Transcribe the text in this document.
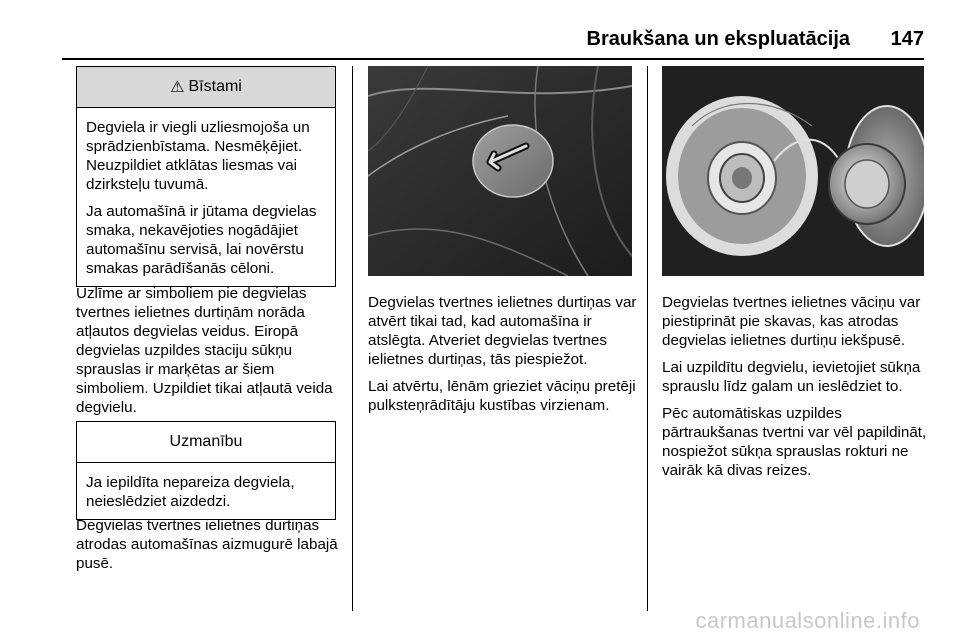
Braukšana un ekspluatācija 147
⚠ Bīstami

Degviela ir viegli uzliesmojoša un sprādzienbīstama. Nesmēķējiet. Neuzpildiet atklātas liesmas vai dzirksteļu tuvumā.

Ja automašīnā ir jūtama degvielas smaka, nekavējoties nogādājiet automašīnu servisā, lai novērstu smakas parādīšanās cēloni.

Uzlīme ar simboliem pie degvielas tvertnes ielietnes durtiņām norāda atļautos degvielas veidus. Eiropā degvielas uzpildes staciju sūkņu sprauslas ir marķētas ar šiem simboliem. Uzpildiet tikai atļautā veida degvielu.

Uzmanību

Ja iepildīta nepareiza degviela, neieslēdziet aizdedzi.

Degvielas tvertnes ielietnes durtiņas atrodas automašīnas aizmugurē labajā pusē.

Degvielas tvertnes ielietnes durtiņas var atvērt tikai tad, kad automašīna ir atslēgta. Atveriet degvielas tvertnes ielietnes durtiņas, tās piespiežot.

Lai atvērtu, lēnām grieziet vāciņu pretēji pulksteņrādītāju kustības virzienam.

Degvielas tvertnes ielietnes vāciņu var piestiprināt pie skavas, kas atrodas degvielas ielietnes durtiņu iekšpusē.

Lai uzpildītu degvielu, ievietojiet sūkņa sprauslu līdz galam un ieslēdziet to.

Pēc automātiskas uzpildes pārtraukšanas tvertni var vēl papildināt, nospiežot sūkņa sprauslas rokturi ne vairāk kā divas reizes.

carmanualsonline.info
